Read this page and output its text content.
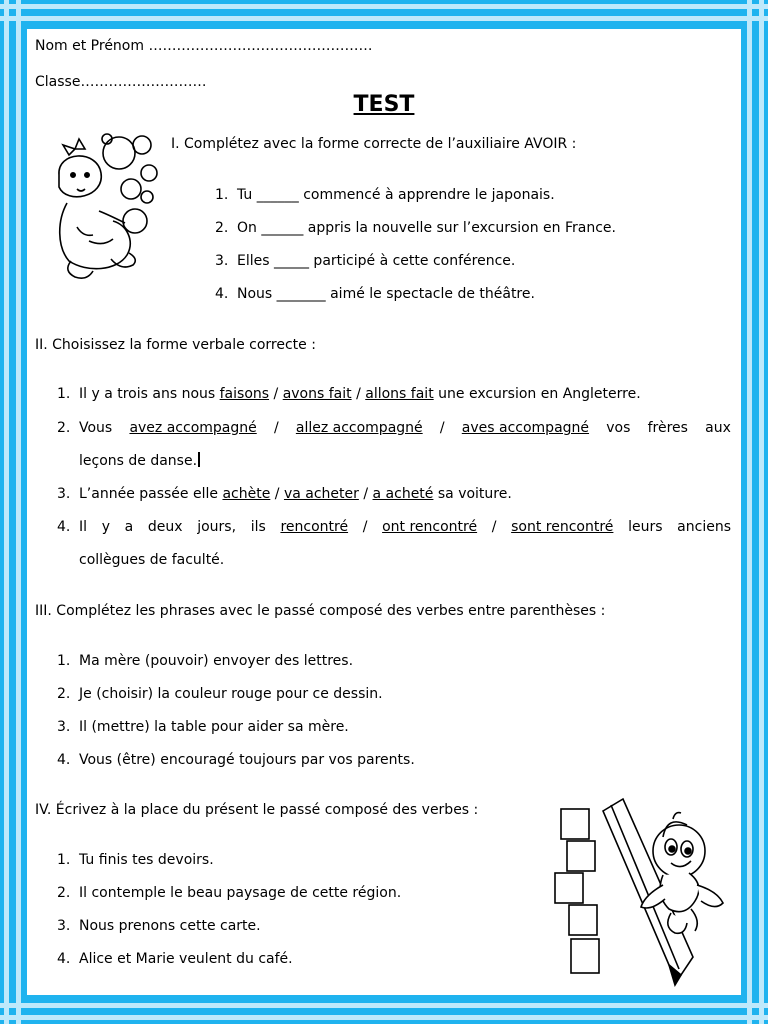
Nom et Prénom …………………………………………
Classe………………………
TEST
I. Complétez avec la forme correcte de l’auxiliaire AVOIR :
1. Tu ______ commencé à apprendre le japonais.
2. On ______ appris la nouvelle sur l’excursion en France.
3. Elles _____ participé à cette conférence.
4. Nous _______ aimé le spectacle de théâtre.
II. Choisissez la forme verbale correcte :
1. Il y a trois ans nous faisons / avons fait / allons fait une excursion en Angleterre.
2. Vous avez accompagné / allez accompagné / aves accompagné vos frères aux
leçons de danse.
3. L’année passée elle achète / va acheter / a acheté sa voiture.
4. Il y a deux jours, ils rencontré / ont rencontré / sont rencontré leurs anciens
collègues de faculté.
III. Complétez les phrases avec le passé composé des verbes entre parenthèses :
1. Ma mère (pouvoir) envoyer des lettres.
2. Je (choisir) la couleur rouge pour ce dessin.
3. Il (mettre) la table pour aider sa mère.
4. Vous (être) encouragé toujours par vos parents.
IV. Écrivez à la place du présent le passé composé des verbes :
1. Tu finis tes devoirs.
2. Il contemple le beau paysage de cette région.
3. Nous prenons cette carte.
4. Alice et Marie veulent du café.
